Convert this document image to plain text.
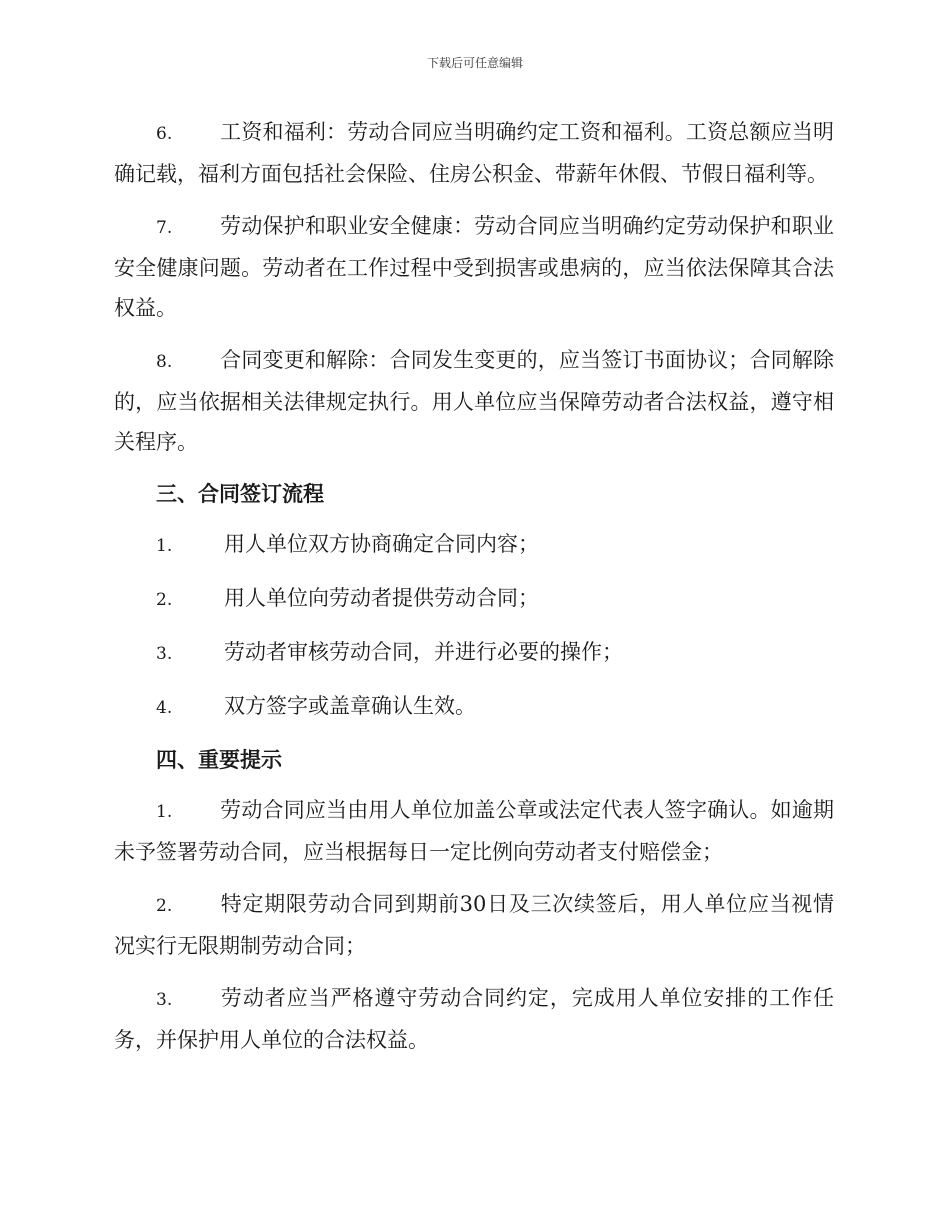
下载后可任意编辑

6. 工资和福利：劳动合同应当明确约定工资和福利。工资总额应当明确记载，福利方面包括社会保险、住房公积金、带薪年休假、节假日福利等。

7. 劳动保护和职业安全健康：劳动合同应当明确约定劳动保护和职业安全健康问题。劳动者在工作过程中受到损害或患病的，应当依法保障其合法权益。

8. 合同变更和解除：合同发生变更的，应当签订书面协议；合同解除的，应当依据相关法律规定执行。用人单位应当保障劳动者合法权益，遵守相关程序。

三、合同签订流程
1. 用人单位双方协商确定合同内容；
2. 用人单位向劳动者提供劳动合同；
3. 劳动者审核劳动合同，并进行必要的操作；
4. 双方签字或盖章确认生效。
四、重要提示

1. 劳动合同应当由用人单位加盖公章或法定代表人签字确认。如逾期未予签署劳动合同，应当根据每日一定比例向劳动者支付赔偿金；

2. 特定期限劳动合同到期前30日及三次续签后，用人单位应当视情况实行无限期制劳动合同；

3. 劳动者应当严格遵守劳动合同约定，完成用人单位安排的工作任务，并保护用人单位的合法权益。
